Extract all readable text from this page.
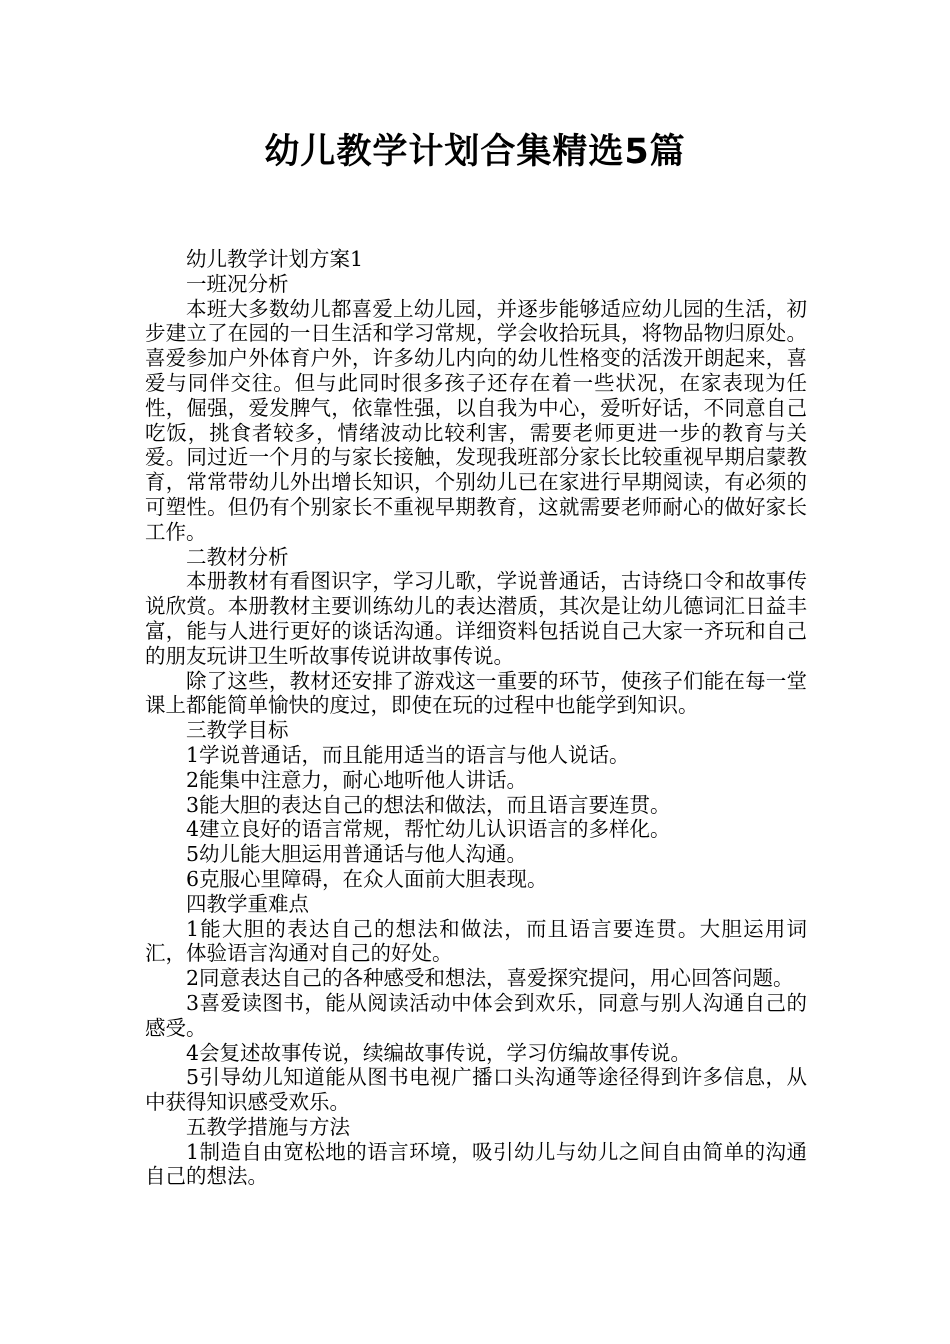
幼儿教学计划合集精选5篇

幼儿教学计划方案1

一班况分析

本班大多数幼儿都喜爱上幼儿园，并逐步能够适应幼儿园的生活，初步建立了在园的一日生活和学习常规，学会收拾玩具，将物品物归原处。喜爱参加户外体育户外，许多幼儿内向的幼儿性格变的活泼开朗起来，喜爱与同伴交往。但与此同时很多孩子还存在着一些状况，在家表现为任性，倔强，爱发脾气，依靠性强，以自我为中心，爱听好话，不同意自己吃饭，挑食者较多，情绪波动比较利害，需要老师更进一步的教育与关爱。同过近一个月的与家长接触，发现我班部分家长比较重视早期启蒙教育，常常带幼儿外出增长知识，个别幼儿已在家进行早期阅读，有必须的可塑性。但仍有个别家长不重视早期教育，这就需要老师耐心的做好家长工作。

二教材分析

本册教材有看图识字，学习儿歌，学说普通话，古诗绕口令和故事传说欣赏。本册教材主要训练幼儿的表达潜质，其次是让幼儿德词汇日益丰富，能与人进行更好的谈话沟通。详细资料包括说自己大家一齐玩和自己的朋友玩讲卫生听故事传说讲故事传说。

除了这些，教材还安排了游戏这一重要的环节，使孩子们能在每一堂课上都能简单愉快的度过，即使在玩的过程中也能学到知识。

三教学目标

1学说普通话，而且能用适当的语言与他人说话。

2能集中注意力，耐心地听他人讲话。

3能大胆的表达自己的想法和做法，而且语言要连贯。

4建立良好的语言常规，帮忙幼儿认识语言的多样化。

5幼儿能大胆运用普通话与他人沟通。

6克服心里障碍，在众人面前大胆表现。

四教学重难点

1能大胆的表达自己的想法和做法，而且语言要连贯。大胆运用词汇，体验语言沟通对自己的好处。

2同意表达自己的各种感受和想法，喜爱探究提问，用心回答问题。

3喜爱读图书，能从阅读活动中体会到欢乐，同意与别人沟通自己的感受。

4会复述故事传说，续编故事传说，学习仿编故事传说。

5引导幼儿知道能从图书电视广播口头沟通等途径得到许多信息，从中获得知识感受欢乐。

五教学措施与方法

1制造自由宽松地的语言环境，吸引幼儿与幼儿之间自由简单的沟通自己的想法。
